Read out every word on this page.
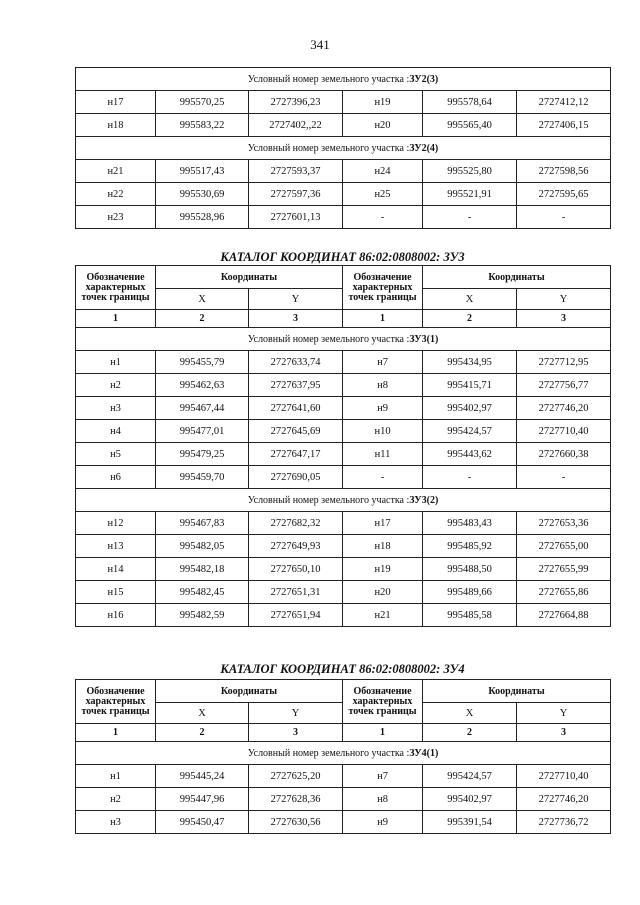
341
Условный номер земельного участка :ЗУ2(3)					
н17	995570,25	2727396,23	н19	995578,64	2727412,12
н18	995583,22	2727402,,22	н20	995565,40	2727406,15
Условный номер земельного участка :ЗУ2(4)					
н21	995517,43	2727593,37	н24	995525,80	2727598,56
н22	995530,69	2727597,36	н25	995521,91	2727595,65
н23	995528,96	2727601,13	-	-	-
КАТАЛОГ КООРДИНАТ 86:02:0808002: ЗУ3
Обозначение характерных точек границы	Координаты		Обозначение характерных точек границы	Координаты	
	X	Y		X	Y
1	2	3	1	2	3
Условный номер земельного участка :ЗУ3(1)					
н1	995455,79	2727633,74	н7	995434,95	2727712,95
н2	995462,63	2727637,95	н8	995415,71	2727756,77
н3	995467,44	2727641,60	н9	995402,97	2727746,20
н4	995477,01	2727645,69	н10	995424,57	2727710,40
н5	995479,25	2727647,17	н11	995443,62	2727660,38
н6	995459,70	2727690,05	-	-	-
Условный номер земельного участка :ЗУ3(2)					
н12	995467,83	2727682,32	н17	995483,43	2727653,36
н13	995482,05	2727649,93	н18	995485,92	2727655,00
н14	995482,18	2727650,10	н19	995488,50	2727655,99
н15	995482,45	2727651,31	н20	995489,66	2727655,86
н16	995482,59	2727651,94	н21	995485,58	2727664,88
КАТАЛОГ КООРДИНАТ 86:02:0808002: ЗУ4
Обозначение характерных точек границы	Координаты		Обозначение характерных точек границы	Координаты	
	X	Y		X	Y
1	2	3	1	2	3
Условный номер земельного участка :ЗУ4(1)					
н1	995445,24	2727625,20	н7	995424,57	2727710,40
н2	995447,96	2727628,36	н8	995402,97	2727746,20
н3	995450,47	2727630,56	н9	995391,54	2727736,72
